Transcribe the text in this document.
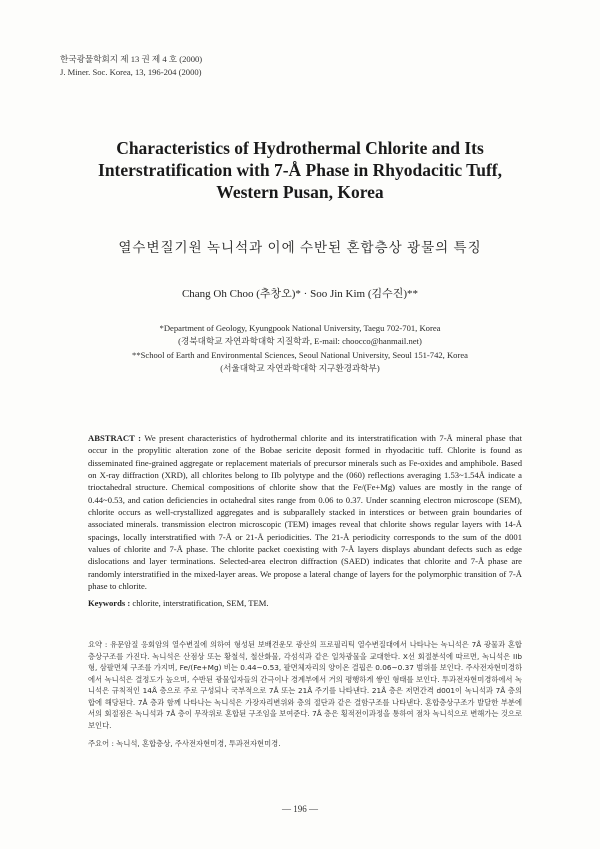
한국광물학회지 제 13 권 제 4 호 (2000)
J. Miner. Soc. Korea, 13, 196-204 (2000)
Characteristics of Hydrothermal Chlorite and Its
Interstratification with 7-Å Phase in Rhyodacitic Tuff,
Western Pusan, Korea
열수변질기원 녹니석과 이에 수반된 혼합층상 광물의 특징
Chang Oh Choo (추창오)* · Soo Jin Kim (김수진)**
*Department of Geology, Kyungpook National University, Taegu 702-701, Korea
(경북대학교 자연과학대학 지질학과, E-mail: choocco@hanmail.net)
**School of Earth and Environmental Sciences, Seoul National University, Seoul 151-742, Korea
(서울대학교 자연과학대학 지구환경과학부)
ABSTRACT : We present characteristics of hydrothermal chlorite and its interstratification with 7-Å mineral phase that occur in the propylitic alteration zone of the Bobae sericite deposit formed in rhyodacitic tuff. Chlorite is found as disseminated fine-grained aggregate or replacement materials of precursor minerals such as Fe-oxides and amphibole. Based on X-ray diffraction (XRD), all chlorites belong to IIb polytype and the (060) reflections averaging 1.53~1.54Å indicate a trioctahedral structure. Chemical compositions of chlorite show that the Fe/(Fe+Mg) values are mostly in the range of 0.44~0.53, and cation deficiencies in octahedral sites range from 0.06 to 0.37. Under scanning electron microscope (SEM), chlorite occurs as well-crystallized aggregates and is subparallely stacked in interstices or between grain boundaries of associated minerals. transmission electron microscopic (TEM) images reveal that chlorite shows regular layers with 14-Å spacings, locally interstratified with 7-Å or 21-Å periodicities. The 21-Å periodicity corresponds to the sum of the d001 values of chlorite and 7-Å phase. The chlorite packet coexisting with 7-Å layers displays abundant defects such as edge dislocations and layer terminations. Selected-area electron diffraction (SAED) indicates that chlorite and 7-Å phase are randomly interstratified in the mixed-layer areas. We propose a lateral change of layers for the polymorphic transition of 7-Å phase to chlorite.
Keywords : chlorite, interstratification, SEM, TEM.
요약 : 유문암질 응회암의 열수변질에 의하여 형성된 보배견운모 광산의 프로필리틱 열수변질대에서 나타나는 녹니석은 7Å 광물과 혼합층상구조를 가진다. 녹니석은 산점상 또는 황철석, 철산화물, 각섬석과 같은 일차광물을 교대한다. X선 회절분석에 따르면, 녹니석은 IIb형, 삼팔면체 구조를 가지며, Fe/(Fe+Mg) 비는 0.44~0.53, 팔면체자리의 양이온 결핍은 0.06~0.37 범위를 보인다. 주사전자현미경하에서 녹니석은 결정도가 높으며, 수반된 광물입자들의 간극이나 경계부에서 거의 평행하게 쌓인 형태를 보인다. 투과전자현미경하에서 녹니석은 규칙적인 14Å 층으로 주로 구성되나 국부적으로 7Å 또는 21Å 주기를 나타낸다. 21Å 층은 저면간격 d001이 녹니석과 7Å 층의 합에 해당된다. 7Å 층과 함께 나타나는 녹니석은 가장자리변위와 층의 절단과 같은 결함구조를 나타낸다. 혼합층상구조가 발달한 부분에서의 회절점은 녹니석과 7Å 층이 무작위로 혼합된 구조임을 보여준다. 7Å 층은 횡적전이과정을 통하여 점차 녹니석으로 변해가는 것으로 보인다.
주요어 : 녹니석, 혼합층상, 주사전자현미경, 투과전자현미경.
— 196 —
